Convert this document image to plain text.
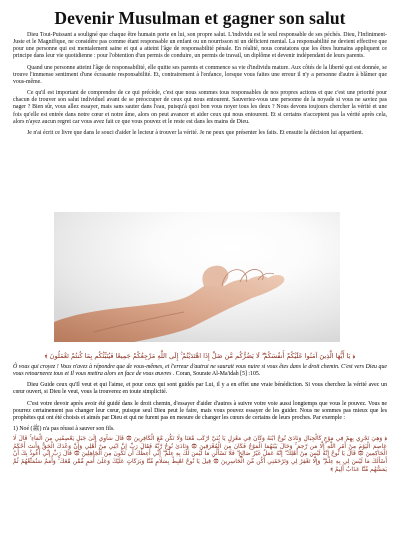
Devenir Musulman et gagner son salut

Dieu Tout-Puissant a souligné que chaque être humain porte en lui, son propre salut. L'individu est le seul responsable de ses péchés. Dieu, l'Infiniment-Juste et le Magnifique, ne considère pas comme étant responsable un enfant ou un nourrisson ni un déficient mental. La responsabilité ne devient effective que pour une personne qui est mentalement saine et qui a atteint l'âge de responsabilité pénale. En réalité, nous constatons que les êtres humains appliquent ce principe dans leur vie quotidienne : pour l'obtention d'un permis de conduire, un permis de travail, un diplôme et devenir indépendant de leurs parents.

Quand une personne atteint l'âge de responsabilité, elle quitte ses parents et commence sa vie d'individu mature. Aux côtés de la liberté qui est donnée, se trouve l'immense sentiment d'une écrasante responsabilité. Et, contrairement à l'enfance, lorsque vous faites une erreur il n'y a personne d'autre à blâmer que vous-même.

Ce qu'il est important de comprendre de ce qui précède, c'est que nous sommes tous responsables de nos propres actions et que c'est une priorité pour chacun de trouver son salut individuel avant de se préoccuper de ceux qui nous entourent. Sauveriez-vous une personne de la noyade si vous ne saviez pas nager ? Bien sûr, vous allez essayer, mais sans sauter dans l'eau, puisqu'à quoi bon vous noyer tous les deux ? Nous devons toujours chercher la vérité et une fois qu'elle est entrée dans notre cœur et notre âme, alors on peut avancer et aider ceux qui nous entourent. Et si certains n'acceptent pas la vérité après cela, alors n'ayez aucun regret car vous avez fait ce que vous pouvez et le reste est dans les mains de Dieu.

Je n'ai écrit ce livre que dans le souci d'aider le lecteur à trouver la vérité. Je ne peux que présenter les faits. Et ensuite la décision lui appartient.

﴿ يَا أَيُّهَا الَّذِينَ آمَنُوا عَلَيْكُمْ أَنفُسَكُمْ ۖ لَا يَضُرُّكُم مَّن ضَلَّ إِذَا اهْتَدَيْتُمْ ۚ إِلَى اللَّهِ مَرْجِعُكُمْ جَمِيعًا فَيُنَبِّئُكُم بِمَا كُنتُمْ تَعْمَلُونَ ﴾

Ô vous qui croyez ! Vous n'avez à répondre que de vous-mêmes, et l'erreur d'autrui ne saurait vous nuire si vous êtes dans le droit chemin. C'est vers Dieu que vous retournerez tous et Il vous mettra alors en face de vous œuvres . Coran, Sourate Al-Ma'idah [5] :105.

Dieu Guide ceux qu'Il veut et qui l'aime, et pour ceux qui sont guidés par Lui, il y a en effet une vraie bénédiction. Si vous cherchez la vérité avec un cœur ouvert, si Dieu le veut, vous la trouverez en toute simplicité.

C'est votre devoir après avoir été guidé dans le droit chemin, d'essayer d'aider d'autres à suivre votre voie aussi longtemps que vous le pouvez. Vous ne pourrez certainement pas changer leur cœur, puisque seul Dieu peut le faire, mais vous pouvez essayer de les guider. Nous ne sommes pas mieux que les prophètes qui ont été choisis et aimés par Dieu et qui ne furent pas en mesure de changer les cœurs de certains de leurs proches. Par exemple :

1) Noé (ﷺ) n'a pas réussi à sauver son fils.

﴿ وَهِيَ تَجْرِي بِهِمْ فِي مَوْجٍ كَالْجِبَالِ وَنَادَىٰ نُوحٌ ابْنَهُ وَكَانَ فِي مَعْزِلٍ يَا بُنَيَّ ارْكَب مَّعَنَا وَلَا تَكُن مَّعَ الْكَافِرِينَ ۞ قَالَ سَآوِي إِلَىٰ جَبَلٍ يَعْصِمُنِي مِنَ الْمَاءِ ۚ قَالَ لَا عَاصِمَ الْيَوْمَ مِنْ أَمْرِ اللَّهِ إِلَّا مَن رَّحِمَ ۚ وَحَالَ بَيْنَهُمَا الْمَوْجُ فَكَانَ مِنَ الْمُغْرَقِينَ ۞ وَنَادَىٰ نُوحٌ رَّبَّهُ فَقَالَ رَبِّ إِنَّ ابْنِي مِنْ أَهْلِي وَإِنَّ وَعْدَكَ الْحَقُّ وَأَنتَ أَحْكَمُ الْحَاكِمِينَ ۞ قَالَ يَا نُوحُ إِنَّهُ لَيْسَ مِنْ أَهْلِكَ ۖ إِنَّهُ عَمَلٌ غَيْرُ صَالِحٍ ۖ فَلَا تَسْأَلْنِ مَا لَيْسَ لَكَ بِهِ عِلْمٌ ۖ إِنِّي أَعِظُكَ أَن تَكُونَ مِنَ الْجَاهِلِينَ ۞ قَالَ رَبِّ إِنِّي أَعُوذُ بِكَ أَنْ أَسْأَلَكَ مَا لَيْسَ لِي بِهِ عِلْمٌ ۖ وَإِلَّا تَغْفِرْ لِي وَتَرْحَمْنِي أَكُن مِّنَ الْخَاسِرِينَ ۞ قِيلَ يَا نُوحُ اهْبِطْ بِسَلَامٍ مِّنَّا وَبَرَكَاتٍ عَلَيْكَ وَعَلَىٰ أُمَمٍ مِّمَّن مَّعَكَ ۚ وَأُمَمٌ سَنُمَتِّعُهُمْ ثُمَّ يَمَسُّهُم مِّنَّا عَذَابٌ أَلِيمٌ ﴾
